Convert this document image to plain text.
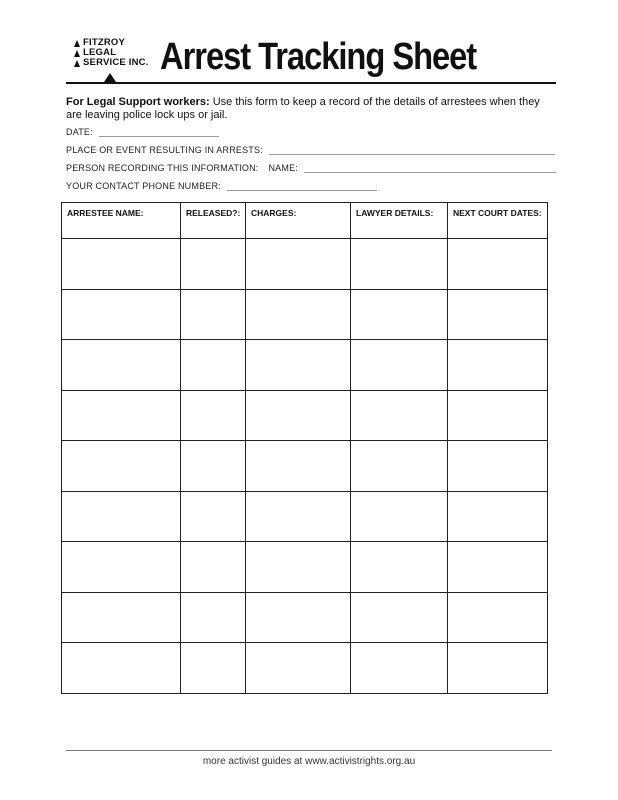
FITZROY
LEGAL
SERVICE INC. Arrest Tracking Sheet
For Legal Support workers: Use this form to keep a record of the details of arrestees when they are leaving police lock ups or jail.
DATE:
PLACE OR EVENT RESULTING IN ARRESTS:
PERSON RECORDING THIS INFORMATION: NAME:
YOUR CONTACT PHONE NUMBER:
ARRESTEE NAME:	RELEASED?:	CHARGES:	LAWYER DETAILS:	NEXT COURT DATES:

more activist guides at www.activistrights.org.au
